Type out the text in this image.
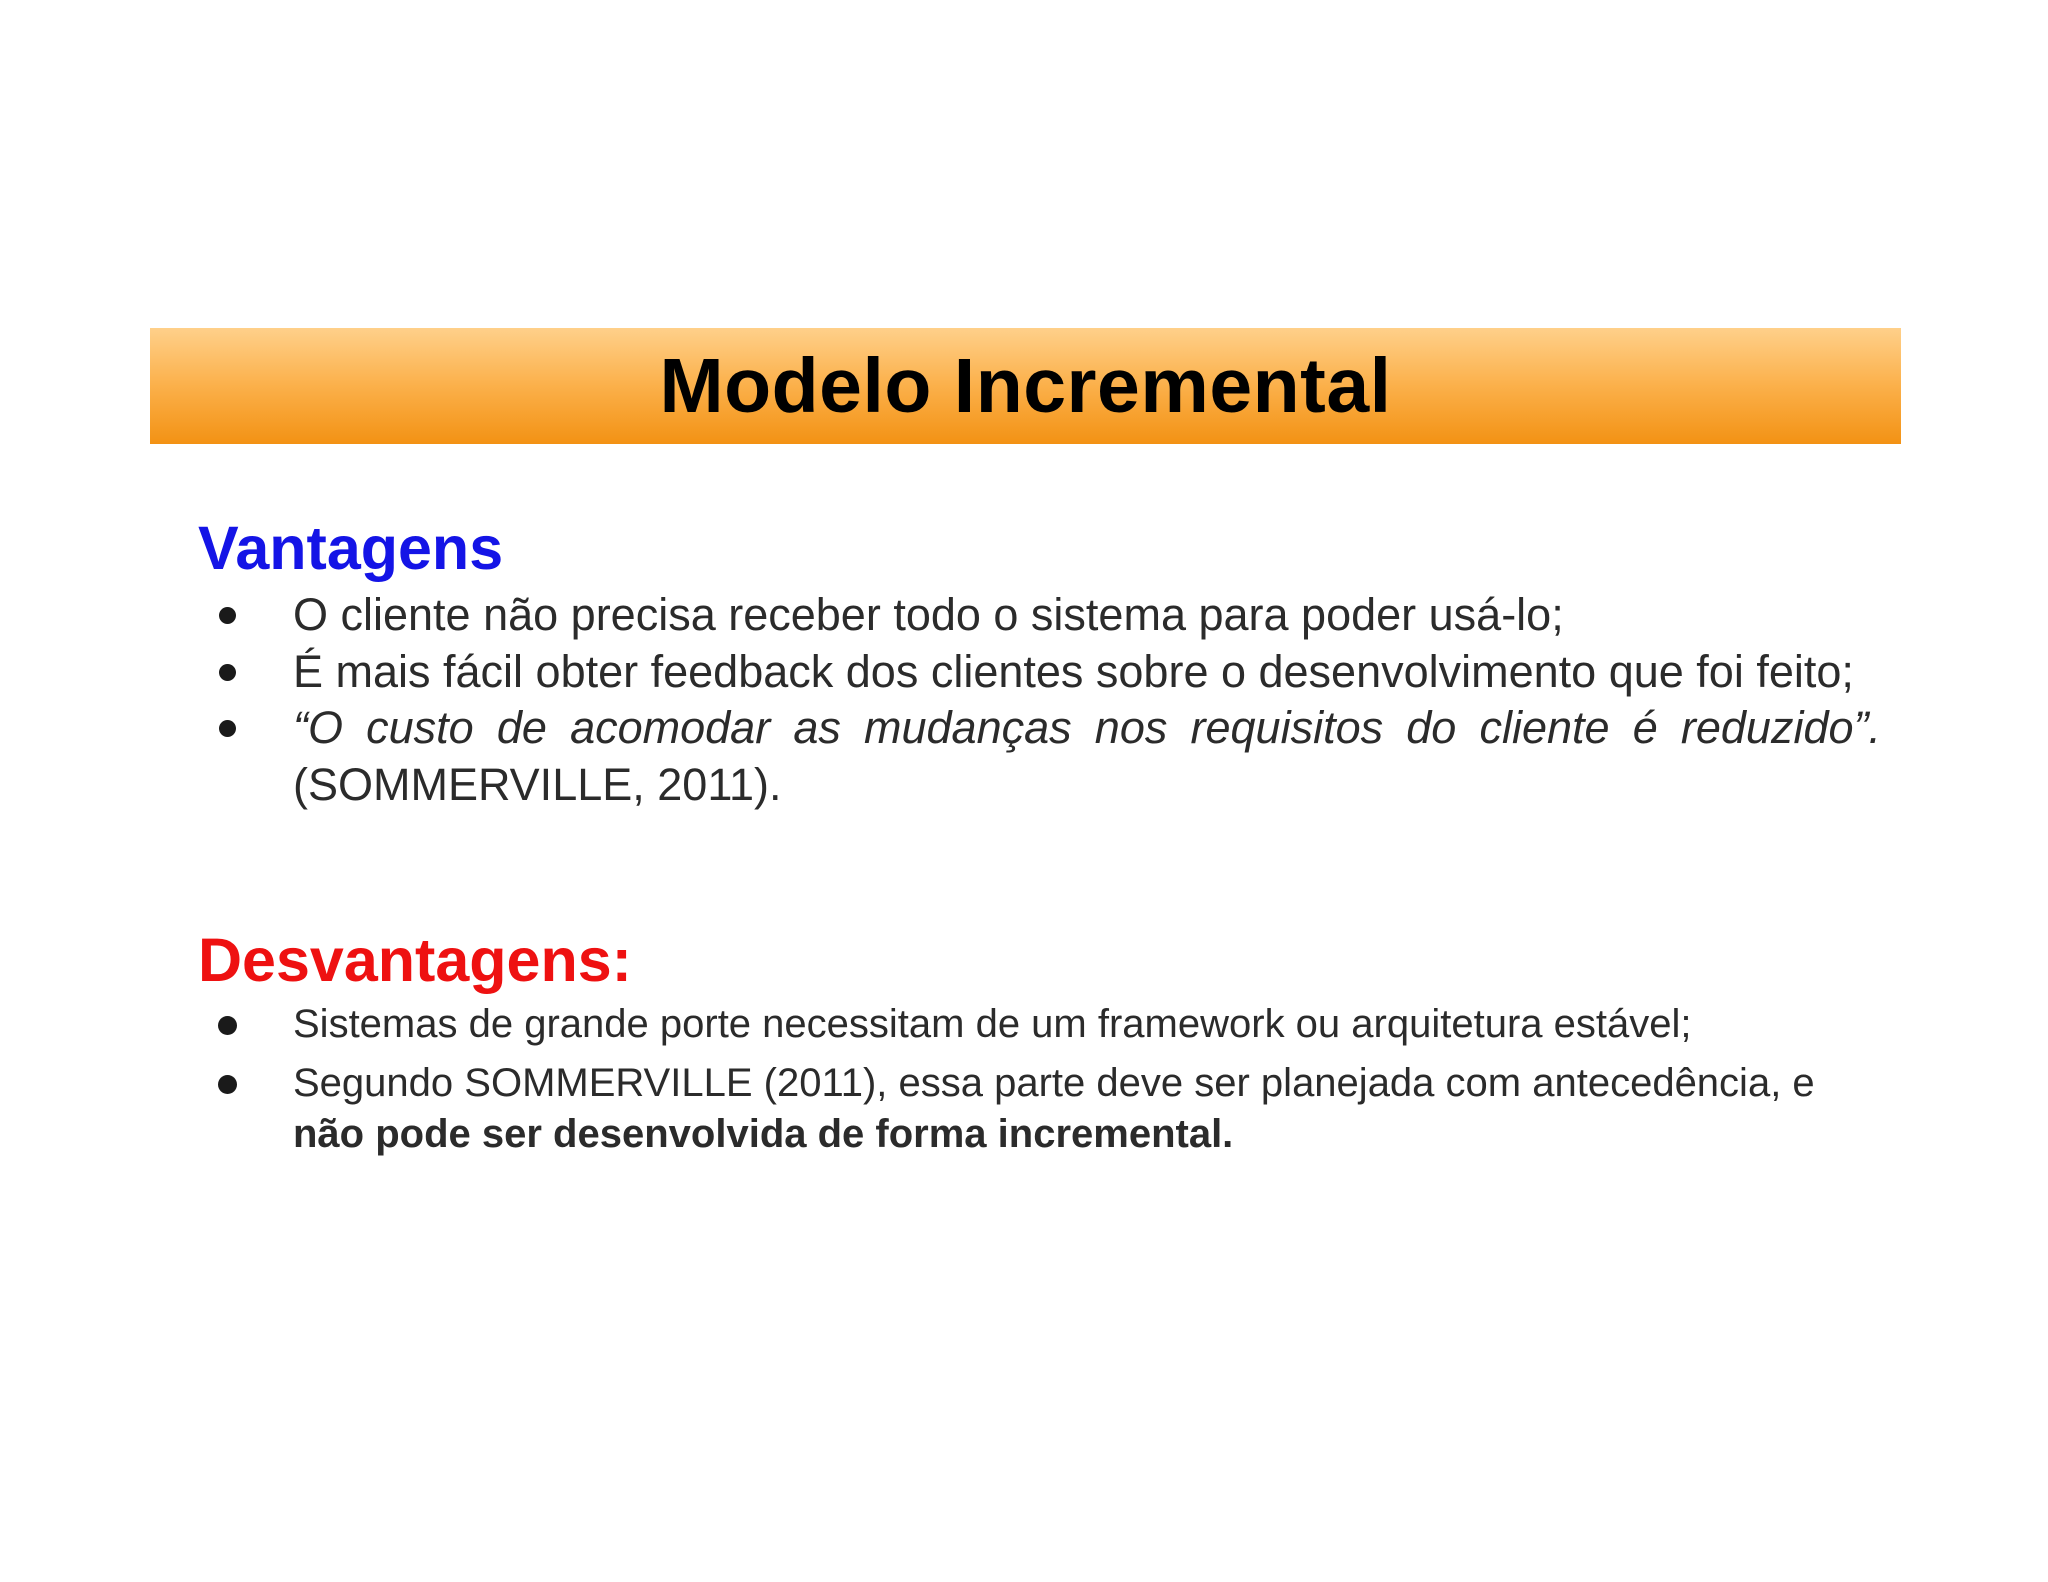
Modelo Incremental
Vantagens
O cliente não precisa receber todo o sistema para poder usá-lo;
É mais fácil obter feedback dos clientes sobre o desenvolvimento que foi feito;
“O custo de acomodar as mudanças nos requisitos do cliente é reduzido”. (SOMMERVILLE, 2011).
Desvantagens:
Sistemas de grande porte necessitam de um framework ou arquitetura estável;
Segundo SOMMERVILLE (2011), essa parte deve ser planejada com antecedência, e
não pode ser desenvolvida de forma incremental.
